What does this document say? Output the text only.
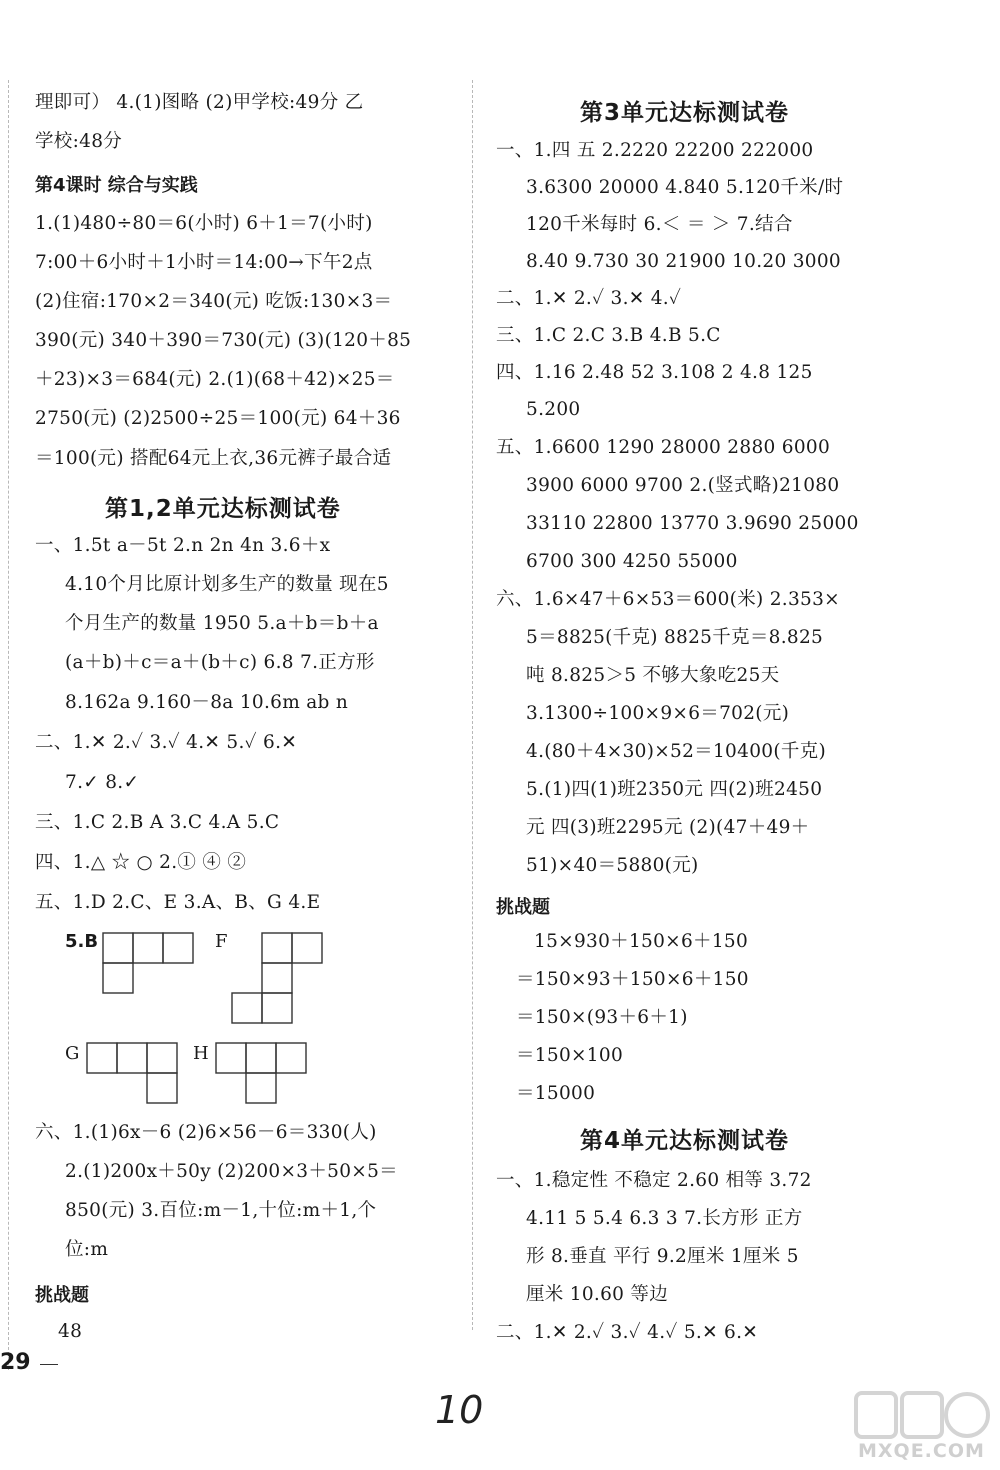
理即可） 4.(1)图略 (2)甲学校:49分 乙
学校:48分
第4课时 综合与实践
1.(1)480÷80＝6(小时) 6＋1＝7(小时)
7:00＋6小时＋1小时＝14:00→下午2点
(2)住宿:170×2＝340(元) 吃饭:130×3＝
390(元) 340＋390＝730(元) (3)(120＋85
＋23)×3＝684(元) 2.(1)(68＋42)×25＝
2750(元) (2)2500÷25＝100(元) 64＋36
＝100(元) 搭配64元上衣,36元裤子最合适
第1,2单元达标测试卷
一、1.5t a－5t 2.n 2n 4n 3.6＋x
4.10个月比原计划多生产的数量 现在5
个月生产的数量 1950 5.a＋b＝b＋a
(a＋b)＋c＝a＋(b＋c) 6.8 7.正方形
8.162a 9.160－8a 10.6m ab n
二、1.✕ 2.✓ 3.✓ 4.✕ 5.✓ 6.✕
7.✓ 8.✓
三、1.C 2.B A 3.C 4.A 5.C
四、1.△ ☆ ○ 2.① ④ ②
五、1.D 2.C、E 3.A、B、G 4.E
5.B	F
G	H
六、1.(1)6x－6 (2)6×56－6＝330(人)
2.(1)200x＋50y (2)200×3＋50×5＝
850(元) 3.百位:m－1,十位:m＋1,个
位:m
挑战题
48
第3单元达标测试卷
一、1.四 五 2.2220 22200 222000
3.6300 20000 4.840 5.120千米/时
120千米每时 6.＜ ＝ ＞ 7.结合
8.40 9.730 30 21900 10.20 3000
二、1.✕ 2.✓ 3.✕ 4.✓
三、1.C 2.C 3.B 4.B 5.C
四、1.16 2.48 52 3.108 2 4.8 125
5.200
五、1.6600 1290 28000 2880 6000
3900 6000 9700 2.(竖式略)21080
33110 22800 13770 3.9690 25000
6700 300 4250 55000
六、1.6×47＋6×53＝600(米) 2.353×
5＝8825(千克) 8825千克＝8.825
吨 8.825＞5 不够大象吃25天
3.1300÷100×9×6＝702(元)
4.(80＋4×30)×52＝10400(千克)
5.(1)四(1)班2350元 四(2)班2450
元 四(3)班2295元 (2)(47＋49＋
51)×40＝5880(元)
挑战题
15×930＋150×6＋150
＝150×93＋150×6＋150
＝150×(93＋6＋1)
＝150×100
＝15000
第4单元达标测试卷
一、1.稳定性 不稳定 2.60 相等 3.72
4.11 5 5.4 6.3 3 7.长方形 正方
形 8.垂直 平行 9.2厘米 1厘米 5
厘米 10.60 等边
二、1.✕ 2.✓ 3.✓ 4.✓ 5.✕ 6.✕
29
10
MXQE.COM
